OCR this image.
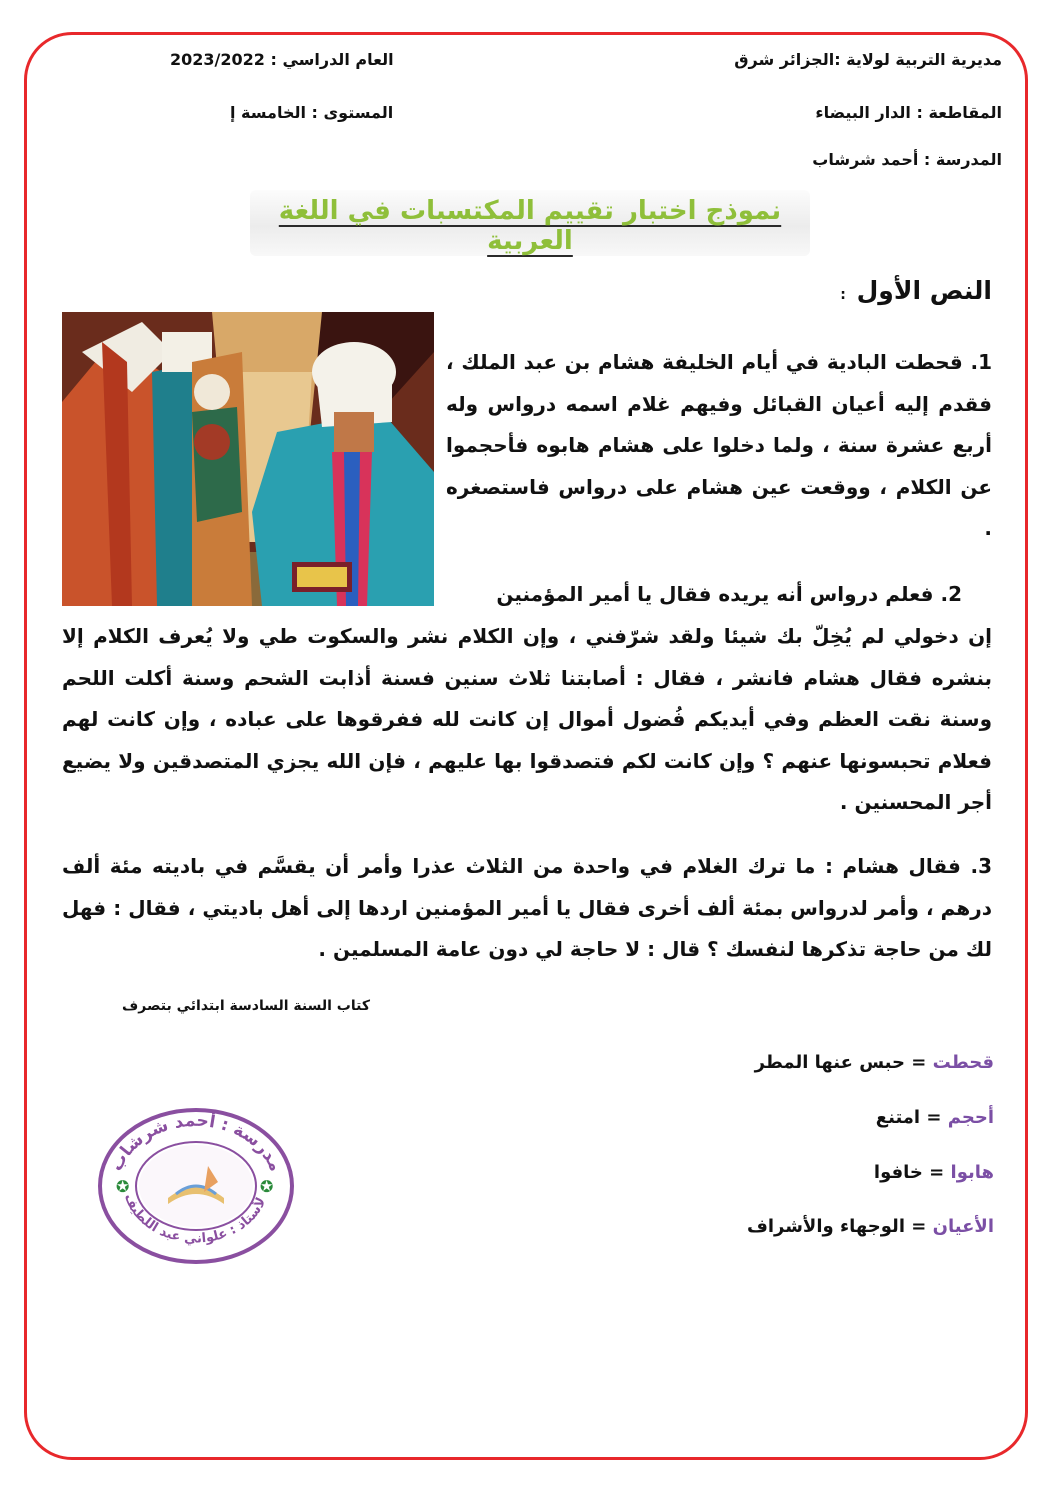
مديرية التربية لولاية :الجزائر شرق
المقاطعة : الدار البيضاء
المدرسة : أحمد شرشاب
العام الدراسي : 2023/2022
المستوى : الخامسة إ
نموذج اختبار تقييم المكتسبات في اللغة العربية
النص الأول :
1. قحطت البادية في أيام الخليفة هشام بن عبد الملك ، فقدم إليه أعيان القبائل وفيهم غلام اسمه درواس وله أربع عشرة سنة ، ولما دخلوا على هشام هابوه فأحجموا عن الكلام ، ووقعت عين هشام على درواس فاستصغره .
2. فعلم درواس أنه يريده فقال يا أمير المؤمنين
إن دخولي لم يُخِلّ بك شيئا ولقد شرّفني ، وإن الكلام نشر والسكوت طي ولا يُعرف الكلام إلا بنشره فقال هشام فانشر ، فقال : أصابتنا ثلاث سنين فسنة أذابت الشحم وسنة أكلت اللحم وسنة نقت العظم وفي أيديكم فُضول أموال إن كانت لله ففرقوها على عباده ، وإن كانت لهم فعلام تحبسونها عنهم ؟ وإن كانت لكم فتصدقوا بها عليهم ، فإن الله يجزي المتصدقين ولا يضيع أجر المحسنين .
3. فقال هشام : ما ترك الغلام في واحدة من الثلاث عذرا وأمر أن يقسَّم في باديته مئة ألف درهم ، وأمر لدرواس بمئة ألف أخرى فقال يا أمير المؤمنين اردها إلى أهل باديتي ، فقال : فهل لك من حاجة تذكرها لنفسك ؟ قال : لا حاجة لي دون عامة المسلمين .
كتاب السنة السادسة ابتدائي بتصرف
قحطت = حبس عنها المطر
أحجم = امتنع
هابوا = خافوا
الأعيان = الوجهاء والأشراف
✪	✪
مدرسة : أحمد شرشاب
الأستاذ : علواني عبد اللطيف
